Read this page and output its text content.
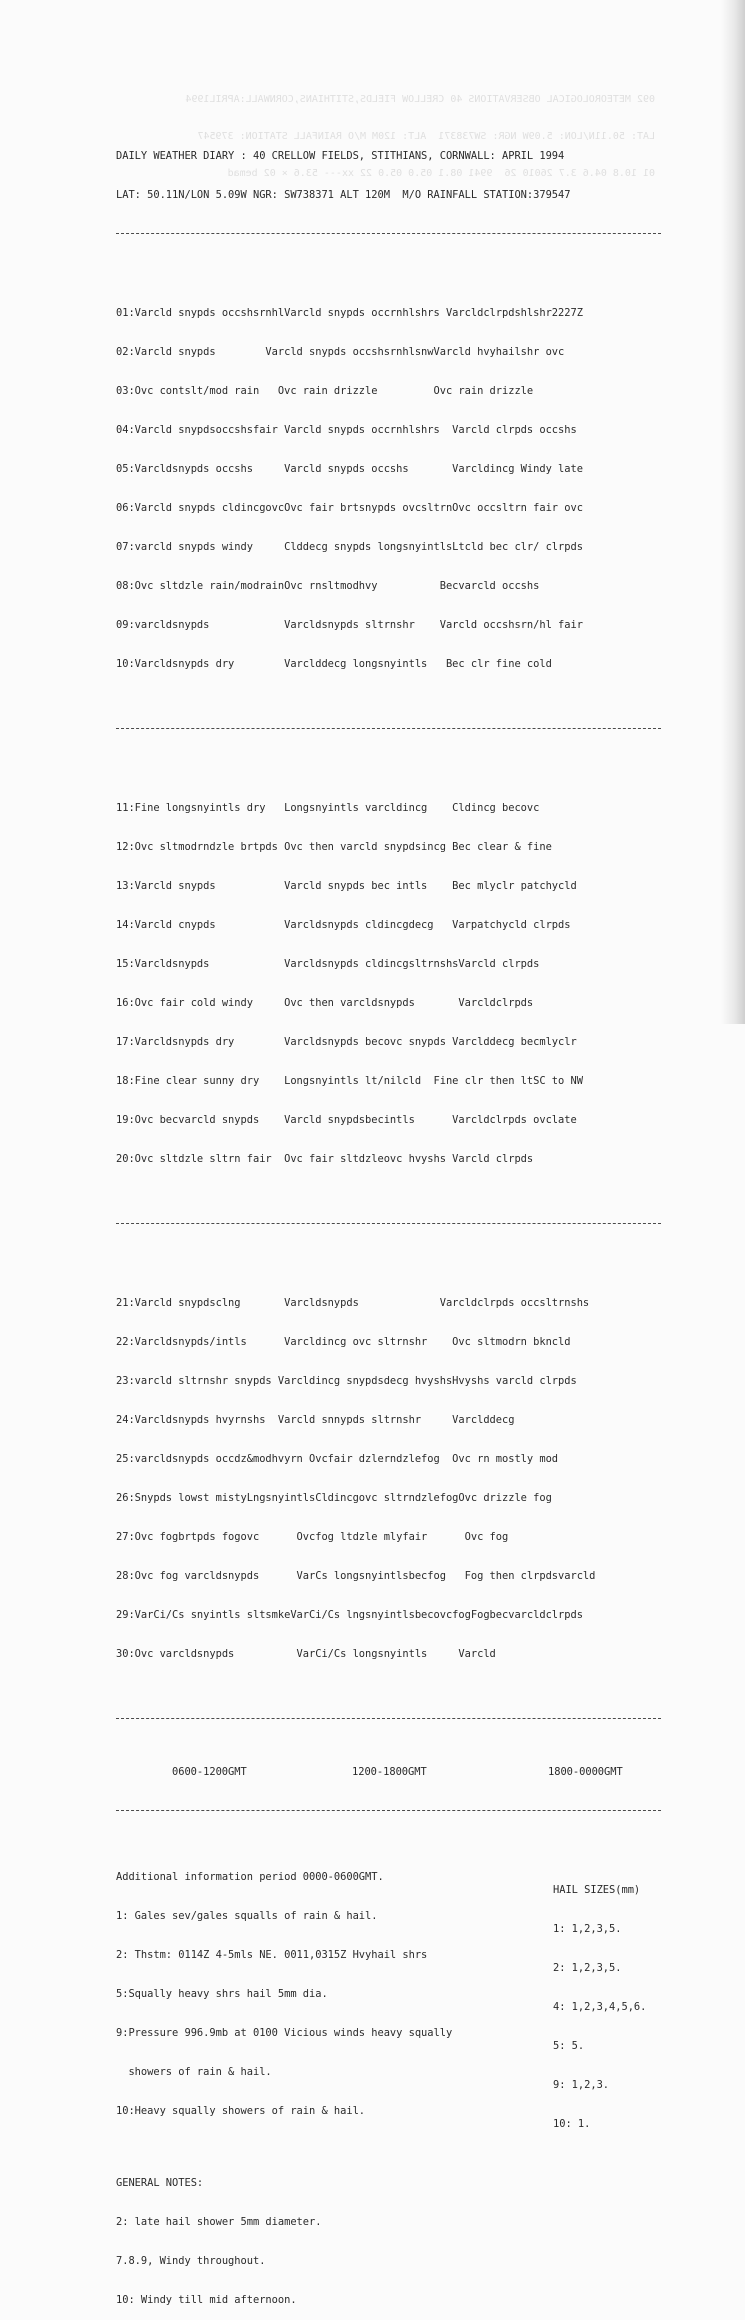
092 METEOROLOGICAL OBSERVATIONS 40 CRELLOW FIELDS,STITHIANS,CORNWALL:APRIL1994

LAT: 50.11N/LON: 5.09W NGR: SW738371  ALT: 120M M/O RAINFALL STATION: 379547

01 10.8 04.6 3.7 26010 26  9941 08.1 05.0 05.0 22 xx--- 53.6 × 02 bemad

DAILY WEATHER DIARY : 40 CRELLOW FIELDS, STITHIANS, CORNWALL: APRIL 1994

LAT: 50.11N/LON 5.09W NGR: SW738371 ALT 120M  M/O RAINFALL STATION:379547

01:Varcld snypds occshsrnhlVarcld snypds occrnhlshrs Varcldclrpdshlshr2227Z

02:Varcld snypds        Varcld snypds occshsrnhlsnwVarcld hvyhailshr ovc

03:Ovc contslt/mod rain   Ovc rain drizzle         Ovc rain drizzle

04:Varcld snypdsoccshsfair Varcld snypds occrnhlshrs  Varcld clrpds occshs

05:Varcldsnypds occshs     Varcld snypds occshs       Varcldincg Windy late

06:Varcld snypds cldincgovcOvc fair brtsnypds ovcsltrnOvc occsltrn fair ovc

07:varcld snypds windy     Clddecg snypds longsnyintlsLtcld bec clr/ clrpds

08:Ovc sltdzle rain/modrainOvc rnsltmodhvy          Becvarcld occshs

09:varcldsnypds            Varcldsnypds sltrnshr    Varcld occshsrn/hl fair

10:Varcldsnypds dry        Varclddecg longsnyintls   Bec clr fine cold

11:Fine longsnyintls dry   Longsnyintls varcldincg    Cldincg becovc

12:Ovc sltmodrndzle brtpds Ovc then varcld snypdsincg Bec clear & fine

13:Varcld snypds           Varcld snypds bec intls    Bec mlyclr patchycld

14:Varcld cnypds           Varcldsnypds cldincgdecg   Varpatchycld clrpds

15:Varcldsnypds            Varcldsnypds cldincgsltrnshsVarcld clrpds

16:Ovc fair cold windy     Ovc then varcldsnypds       Varcldclrpds

17:Varcldsnypds dry        Varcldsnypds becovc snypds Varclddecg becmlyclr

18:Fine clear sunny dry    Longsnyintls lt/nilcld  Fine clr then ltSC to NW

19:Ovc becvarcld snypds    Varcld snypdsbecintls      Varcldclrpds ovclate

20:Ovc sltdzle sltrn fair  Ovc fair sltdzleovc hvyshs Varcld clrpds

21:Varcld snypdsclng       Varcldsnypds             Varcldclrpds occsltrnshs

22:Varcldsnypds/intls      Varcldincg ovc sltrnshr    Ovc sltmodrn bkncld

23:varcld sltrnshr snypds Varcldincg snypdsdecg hvyshsHvyshs varcld clrpds

24:Varcldsnypds hvyrnshs  Varcld snnypds sltrnshr     Varclddecg

25:varcldsnypds occdz&modhvyrn Ovcfair dzlerndzlefog  Ovc rn mostly mod

26:Snypds lowst mistyLngsnyintlsCldincgovc sltrndzlefogOvc drizzle fog

27:Ovc fogbrtpds fogovc      Ovcfog ltdzle mlyfair      Ovc fog

28:Ovc fog varcldsnypds      VarCs longsnyintlsbecfog   Fog then clrpdsvarcld

29:VarCi/Cs snyintls sltsmkeVarCi/Cs lngsnyintlsbecovcfogFogbecvarcldclrpds

30:Ovc varcldsnypds          VarCi/Cs longsnyintls     Varcld

0600-1200GMT

	1200-1800GMT

	1800-0000GMT

Additional information period 0000-0600GMT.

HAIL SIZES(mm)

1: Gales sev/gales squalls of rain & hail.

1: 1,2,3,5.

2: Thstm: 0114Z 4-5mls NE. 0011,0315Z Hvyhail shrs

2: 1,2,3,5.

5:Squally heavy shrs hail 5mm dia.

4: 1,2,3,4,5,6.

9:Pressure 996.9mb at 0100 Vicious winds heavy squally

5: 5.

showers of rain & hail.

9: 1,2,3.

10:Heavy squally showers of rain & hail.

10: 1.

GENERAL NOTES:

2: late hail shower 5mm diameter.

7.8.9, Windy throughout.

10: Windy till mid afternoon.
